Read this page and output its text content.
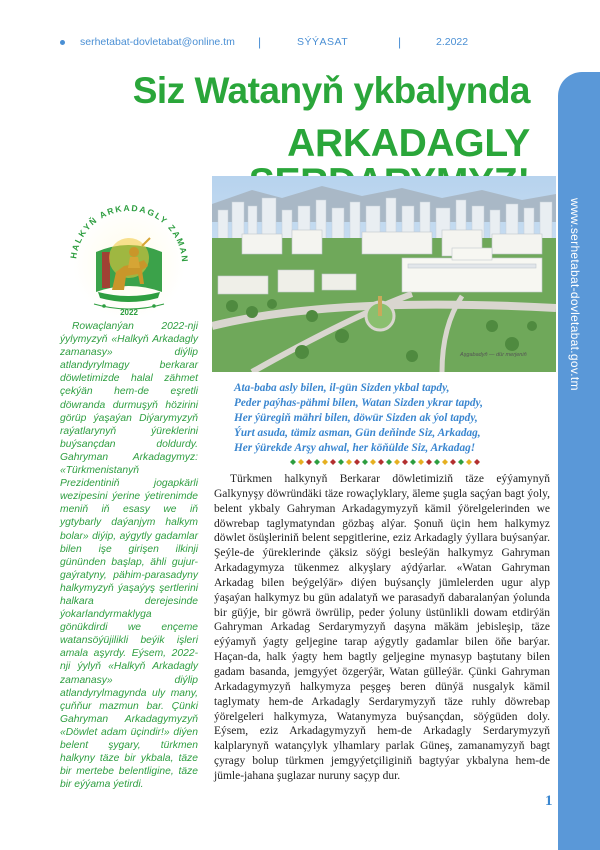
serhetabat-dovletabat@online.tm |	SÝÝASAT	|	2.2022
Siz Watanyň ykbalynda
ARKADAGLY
www.serhetabat-dovletabat.gov.tm
HALKYŇ ARKADAGLY ZAMAN
2022
Aşgabadyň — dür merjeniň

Rowaçlanýan 2022-nji ýylymyzyň «Halkyň Arkadagly zamanasy» diýlip atlandyrylmagy berkarar döwletimizde halal zähmet çekýän hem-de eşretli döwranda durmuşyň hözirini görüp ýaşaýan Diýarymyzyň raýatlarynyň ýüreklerini buýsançdan doldurdy. Gahryman Arkadagymyz: «Türkmenistanyň Prezidentiniň jogapkärli wezipesini ýerine ýetirenimde meniň iň esasy we iň ygtybarly daýanjym halkym bolar» diýip, aýgytly gadamlar bilen işe girişen ilkinji gününden başlap, ähli gujur-gaýratyny, pähim-parasadyny halkymyzyň ýaşaýyş şertlerini halkara derejesinde ýokarlandyrmaklyga gönükdirdi we ençeme watansöýüjilikli beýik işleri amala aşyrdy. Eýsem, 2022-nji ýylyň «Halkyň Arkadagly zamanasy» diýlip atlandyrylmagynda uly many, çuňňur mazmun bar. Çünki Gahryman Arkadagymyzyň «Döwlet adam üçindir!» diýen belent şygary, türkmen halkyny täze bir ykbala, täze bir mertebe belentligine, täze bir eýýama ýetirdi.

Ata-baba asly bilen, il-gün Sizden ykbal tapdy,
Peder paýhas-pähmi bilen, Watan Sizden ykrar tapdy,
Her ýüregiň mähri bilen, döwür Sizden ak ýol tapdy,
Ýurt asuda, tämiz asman, Gün deňinde Siz, Arkadag,
Her ýürekde Arşy ahwal, her köňülde Siz, Arkadag!

Türkmen halkynyň Berkarar döwletimiziň täze eýýamynyň Galkynyşy döwründäki täze rowaçlyklary, äleme şugla saçýan bagt ýoly, belent ykbaly Gahryman Arkadagymyzyň kämil ýörelgelerinden we döwrebap taglymatyndan gözbaş alýar. Şonuň üçin hem halkymyz döwlet ösüşleriniň belent sepgitlerine, eziz Arkadagly ýyllara buýsanýar. Şeýle-de ýüreklerinde çäksiz söýgi besleýän halkymyz Gahryman Arkadagymyza tükenmez alkyşlary aýdýarlar. «Watan Gahryman Arkadag bilen beýgelýär» diýen buýsançly jümlelerden ugur alyp ýaşaýan halkymyz bu gün adalatyň we parasadyň dabaralanýan ýolunda bir güýje, bir göwrä öwrülip, peder ýoluny üstünlikli dowam etdirýän Gahryman Arkadag Serdarymyzyň daşyna mäkäm jebisleşip, täze eýýamyň ýagty geljegine tarap aýgytly gadamlar bilen öňe barýar. Haçan-da, halk ýagty hem bagtly geljegine mynasyp baştutany bilen gadam basanda, jemgyýet özgerýär, Watan gülleýär. Çünki Gahryman Arkadagymyzyň halkymyza peşgeş beren dünýä nusgalyk kämil taglymaty hem-de Arkadagly Serdarymyzyň täze ruhly döwrebap ýörelgeleri halkymyza, Watanymyza buýsançdan, söýgüden doly. Eýsem, eziz Arkadagymyzyň hem-de Arkadagly Serdarymyzyň kalplarynyň watançylyk ylhamlary parlak Güneş, zamanamyzyň bagt çyragy bolup türkmen jemgyýetçiliginiň bagtyýar ykbalyna hem-de jümle-jahana şuglazar nuruny saçyp dur.

1
